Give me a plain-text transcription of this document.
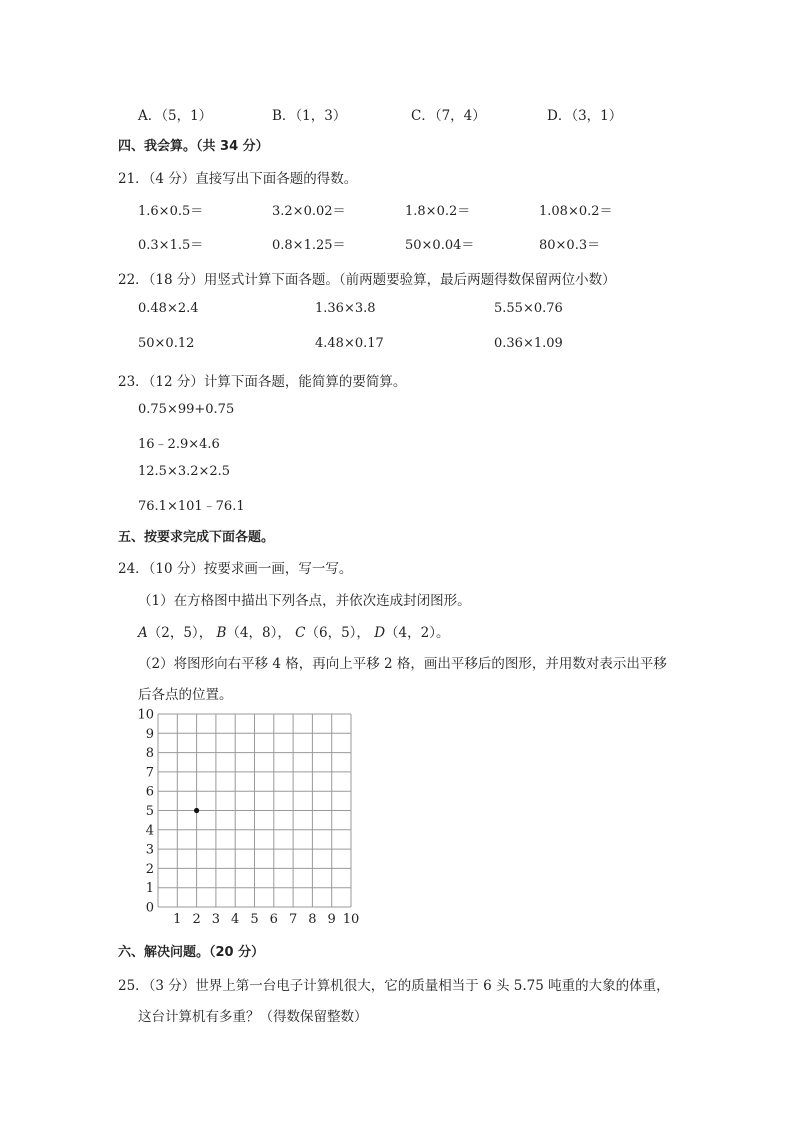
A．（5，1）	B．（1，3）	C．（7，4）	D．（3，1）
四、我会算。（共 34 分）
21．（4 分）直接写出下面各题的得数。
1.6×0.5＝	3.2×0.02＝	1.8×0.2＝	1.08×0.2＝
0.3×1.5＝	0.8×1.25＝	50×0.04＝	80×0.3＝
22．（18 分）用竖式计算下面各题。（前两题要验算，最后两题得数保留两位小数）
0.48×2.4	1.36×3.8	5.55×0.76
50×0.12	4.48×0.17	0.36×1.09
23．（12 分）计算下面各题，能简算的要简算。
0.75×99+0.75
16﹣2.9×4.6
12.5×3.2×2.5
76.1×101﹣76.1
五、按要求完成下面各题。
24．（10 分）按要求画一画，写一写。
（1）在方格图中描出下列各点，并依次连成封闭图形。
A（2，5）， B（4，8）， C（6，5）， D（4，2）。
（2）将图形向右平移 4 格，再向上平移 2 格，画出平移后的图形，并用数对表示出平移
后各点的位置。
0
1
2
3
4
5
6
7
8
9
10
1 2 3 4 5 6 7 8 9 10
六、解决问题。（20 分）
25．（3 分）世界上第一台电子计算机很大，它的质量相当于 6 头 5.75 吨重的大象的体重，
这台计算机有多重？（得数保留整数）
